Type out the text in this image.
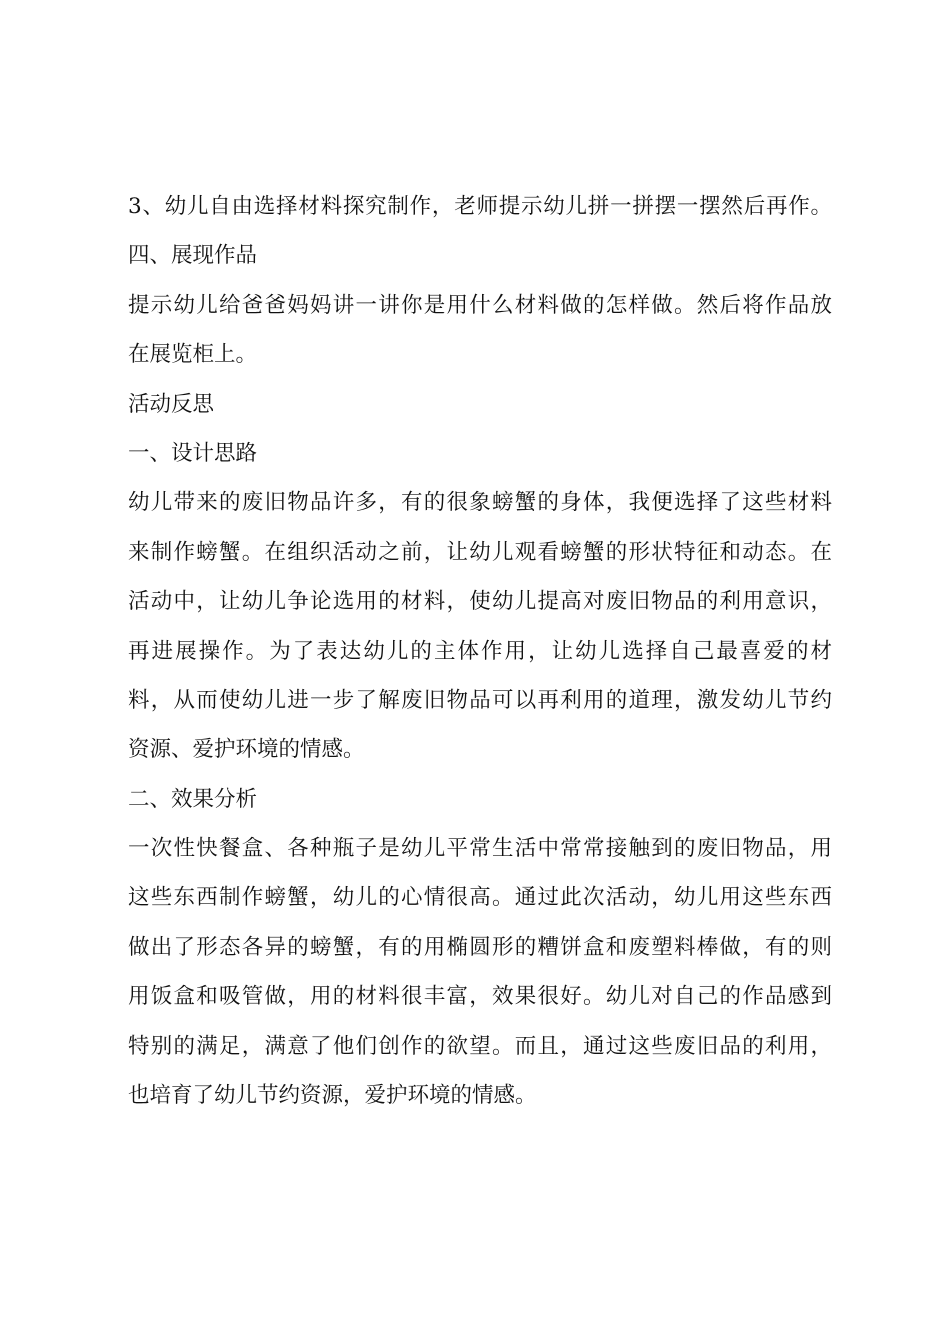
3、幼儿自由选择材料探究制作，老师提示幼儿拼一拼摆一摆然后再作。
四、展现作品
提示幼儿给爸爸妈妈讲一讲你是用什么材料做的怎样做。然后将作品放
在展览柜上。
活动反思
一、设计思路
幼儿带来的废旧物品许多，有的很象螃蟹的身体，我便选择了这些材料
来制作螃蟹。在组织活动之前，让幼儿观看螃蟹的形状特征和动态。在
活动中，让幼儿争论选用的材料，使幼儿提高对废旧物品的利用意识，
再进展操作。为了表达幼儿的主体作用，让幼儿选择自己最喜爱的材
料，从而使幼儿进一步了解废旧物品可以再利用的道理，激发幼儿节约
资源、爱护环境的情感。
二、效果分析
一次性快餐盒、各种瓶子是幼儿平常生活中常常接触到的废旧物品，用
这些东西制作螃蟹，幼儿的心情很高。通过此次活动，幼儿用这些东西
做出了形态各异的螃蟹，有的用椭圆形的糟饼盒和废塑料棒做，有的则
用饭盒和吸管做，用的材料很丰富，效果很好。幼儿对自己的作品感到
特别的满足，满意了他们创作的欲望。而且，通过这些废旧品的利用，
也培育了幼儿节约资源，爱护环境的情感。
